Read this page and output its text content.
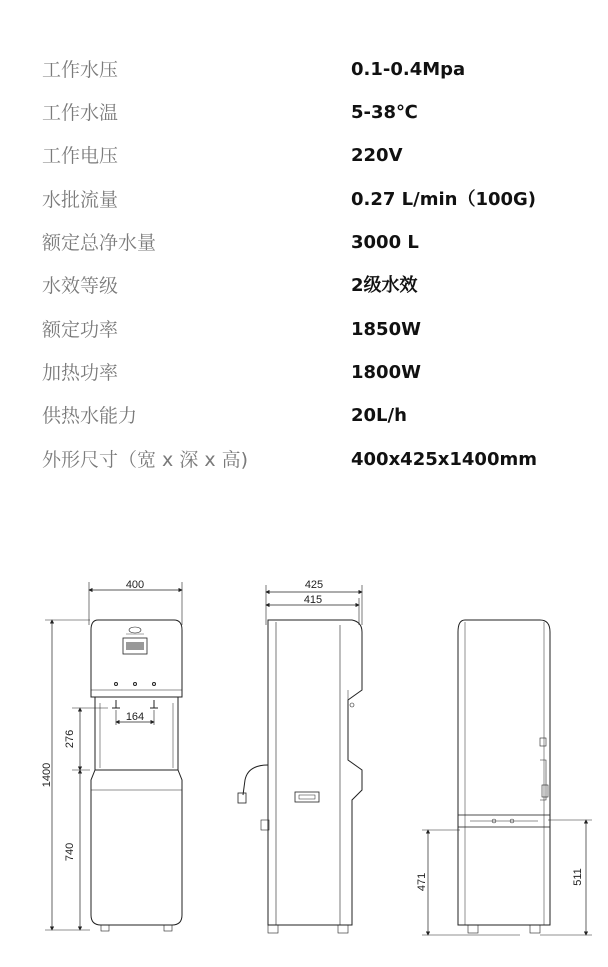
工作水压	0.1-0.4Mpa
工作水温	5-38℃
工作电压	220V
水批流量	0.27 L/min（100G)
额定总净水量	3000 L
水效等级	2级水效
额定功率	1850W
加热功率	1800W
供热水能力	20L/h
外形尺寸（宽 x 深 x 高)	400x425x1400mm
400
164
1400
276
740
425
415
471	511
